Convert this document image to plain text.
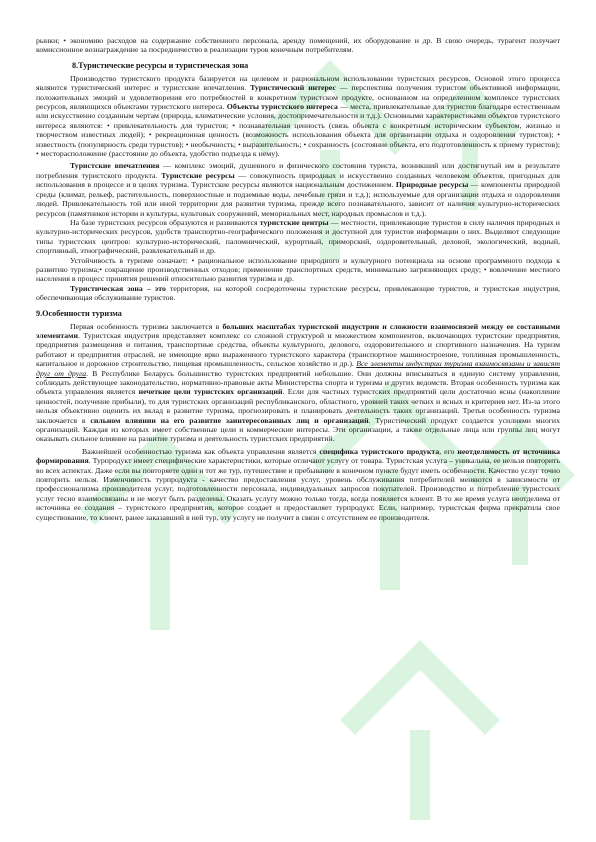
рынки; • экономию расходов на содержание собственного персонала, аренду помещений, их оборудование и др. В свою очередь, турагент получает комиссионное вознаграждение за посредничество в реализации туров конечным потребителям.

8.Туристические ресурсы и туристическая зона

Производство туристского продукта базируется на целевом и рациональном использовании туристских ресурсов. Основой этого процесса являются туристический интерес и туристские впечатления. Туристический интерес — перспектива получения туристом объективной информации, положительных эмоций и удовлетворения его потребностей в конкретном туристском продукте, основанном на определенном комплексе туристских ресурсов, являющихся объектами туристского интереса. Объекты туристского интереса — места, привлекательные для туристов благодаря естественным или искусственно созданным чертам (природа, климатические условия, достопримечательности и т.д.). Основными характеристиками объектов туристского интереса являются: • привлекательность для туристов; • познавательная ценность (связь объекта с конкретным историческим субъектом, жизнью и творчеством известных людей); • рекреационная ценность (возможность использования объекта для организации отдыха и оздоровления туристов); • известность (популярность среди туристов); • необычность; • выразительность; • сохранность (состояние объекта, его подготовленность к приему туристов); • месторасположение (расстояние до объекта, удобство подъезда к нему).

Туристские впечатления — комплекс эмоций, душевного и физического состояния туриста, возникший или достигнутый им в результате потребления туристского продукта. Туристские ресурсы — совокупность природных и искусственно созданных человеком объектов, пригодных для использования в процессе и в целях туризма. Туристские ресурсы являются национальным достижением. Природные ресурсы — компоненты природной среды (климат, рельеф, растительность, поверхностные и подземные воды, лечебные грязи и т.д.); используемые для организации отдыха и оздоровления людей. Привлекательность той или иной территории для развития туризма, прежде всего познавательного, зависит от наличия культурно-исторических ресурсов (памятников истории и культуры, культовых сооружений, мемориальных мест, народных промыслов и т.д.).

На базе туристских ресурсов образуются и развиваются туристские центры — местности, привлекающие туристов в силу наличия природных и культурно-исторических ресурсов, удобств транспортно-географического положения и доступной для туристов информации о них. Выделяют следующие типы туристских центров: культурно-исторический, паломнический, курортный, приморский, оздоровительный, деловой, экологический, водный, спортивный, этнографический, развлекательный и др.

Устойчивость в туризме означает: • рациональное использование природного и культурного потенциала на основе программного подхода к развитию туризма;• сокращение производственных отходов; применение транспортных средств, минимально загрязняющих среду; • вовлечение местного населения в процесс принятия решений относительно развития туризма и др.

Туристическая зона – это территория, на которой сосредоточены туристские ресурсы, привлекающие туристов, и туристская индустрия, обеспечивающая обслуживание туристов.

9.Особенности туризма

Первая особенность туризма заключается в больших масштабах туристской индустрии и сложности взаимосвязей между ее составными элементами. Туристская индустрия представляет комплекс со сложной структурой и множеством компонентов, включающих туристские предприятия, предприятия размещения и питания, транспортные средства, объекты культурного, делового, оздоровительного и спортивного назначения. На туризм работают и предприятия отраслей, не имеющие ярко выраженного туристского характера (транспортное машиностроение, топливная промышленность, капитальное и дорожное строительство, пищевая промышленность, сельское хозяйство и др.). Все элементы индустрии туризма взаимосвязаны и зависят друг от друга. В Республике Беларусь большинство туристских предприятий небольшие. Они должны вписываться в единую систему управления, соблюдать действующее законодательство, нормативно-правовые акты Министерства спорта и туризма и других ведомств. Вторая особенность туризма как объекта управления является нечеткие цели туристских организаций. Если для частных туристских предприятий цели достаточно ясны (накопление ценностей, получение прибыли), то для туристских организаций республиканского, областного, уровней таких четких и ясных и критериев нет. Из-за этого нельзя объективно оценить их вклад в развитие туризма, прогнозировать и планировать деятельность таких организаций. Третья особенность туризма заключается в сильном влиянии на его развитие заинтересованных лиц и организаций. Туристический продукт создается усилиями многих организаций. Каждая из которых имеет собственные цели и коммерческие интересы. Эти организации, а также отдельные лица или группы лиц могут оказывать сильное влияние на развитие туризма и деятельность туристских предприятий.

Важнейшей особенностью туризма как объекта управления является специфика туристского продукта, его неотделимость от источника формирования. Турпродукт имеет специфические характеристики, которые отличают услугу от товара. Туристская услуга – уникальна, ее нельзя повторить во всех аспектах. Даже если вы повторяете один и тот же тур, путешествие и пребывание в конечном пункте будут иметь особенности. Качество услуг точно повторить нельзя. Изменчивость турпродукта - качество предоставления услуг, уровень обслуживания потребителей меняются в зависимости от профессионализма производителя услуг, подготовленности персонала, индивидуальных запросов покупателей. Производство и потребление туристских услуг тесно взаимосвязаны и не могут быть разделены. Оказать услугу можно только тогда, когда появляется клиент. В то же время услуга неотделима от источника ее создания – туристского предприятия, которое создает и предоставляет турпродукт. Если, например, туристская фирма прекратила свое существование, то клиент, ранее заказавший в ней тур, эту услугу не получит в связи с отсутствием ее производителя.
